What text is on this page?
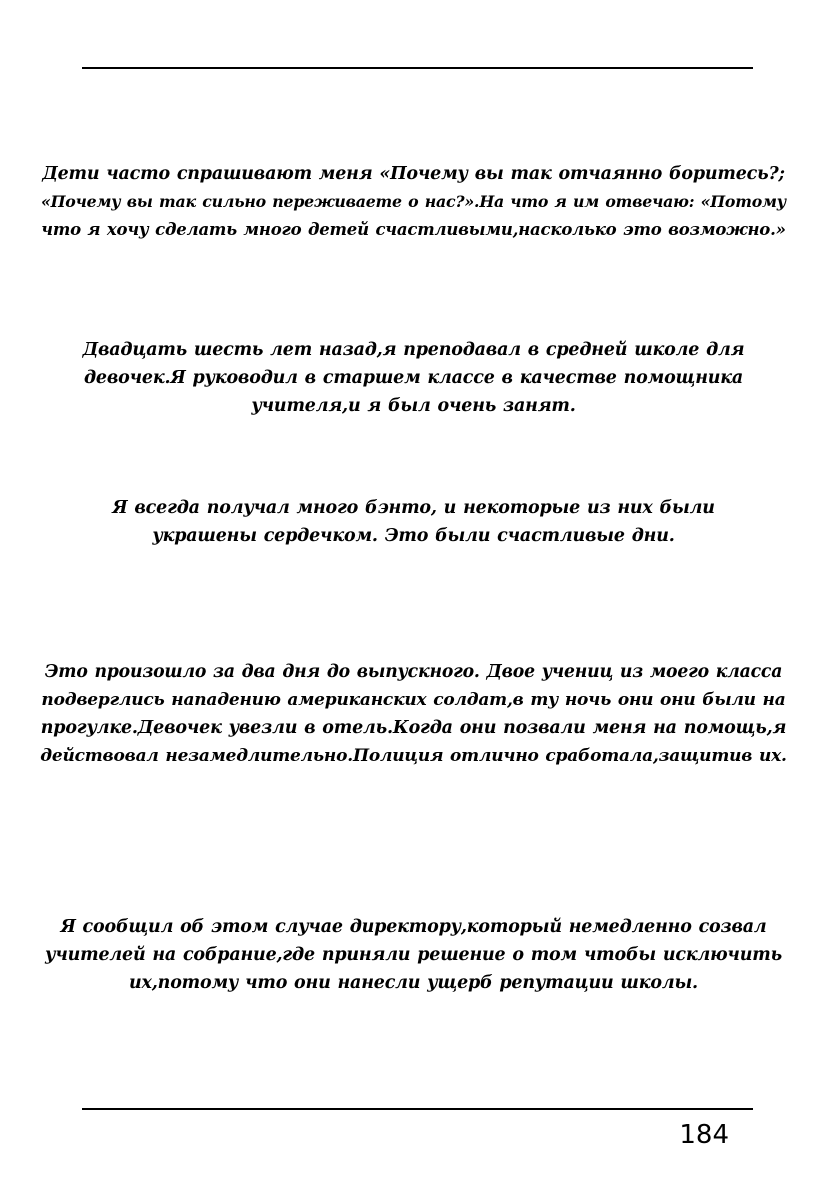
Дети часто спрашивают меня «Почему вы так отчаянно боритесь?;
«Почему вы так сильно переживаете о нас?».На что я им отвечаю: «Потому
что я хочу сделать много детей счастливыми,насколько это возможно.»

Двадцать шесть лет назад,я преподавал в средней школе для
девочек.Я руководил в старшем классе в качестве помощника
учителя,и я был очень занят.

Я всегда получал много бэнто, и некоторые из них были
украшены сердечком. Это были счастливые дни.

Это произошло за два дня до выпускного. Двое учениц из моего класса
подверглись нападению американских солдат,в ту ночь они они были на
прогулке.Девочек увезли в отель.Когда они позвали меня на помощь,я
действовал незамедлительно.Полиция отлично сработала,защитив их.

Я сообщил об этом случае директору,который немедленно созвал
учителей на собрание,где приняли решение о том чтобы исключить
их,потому что они нанесли ущерб репутации школы.

184
